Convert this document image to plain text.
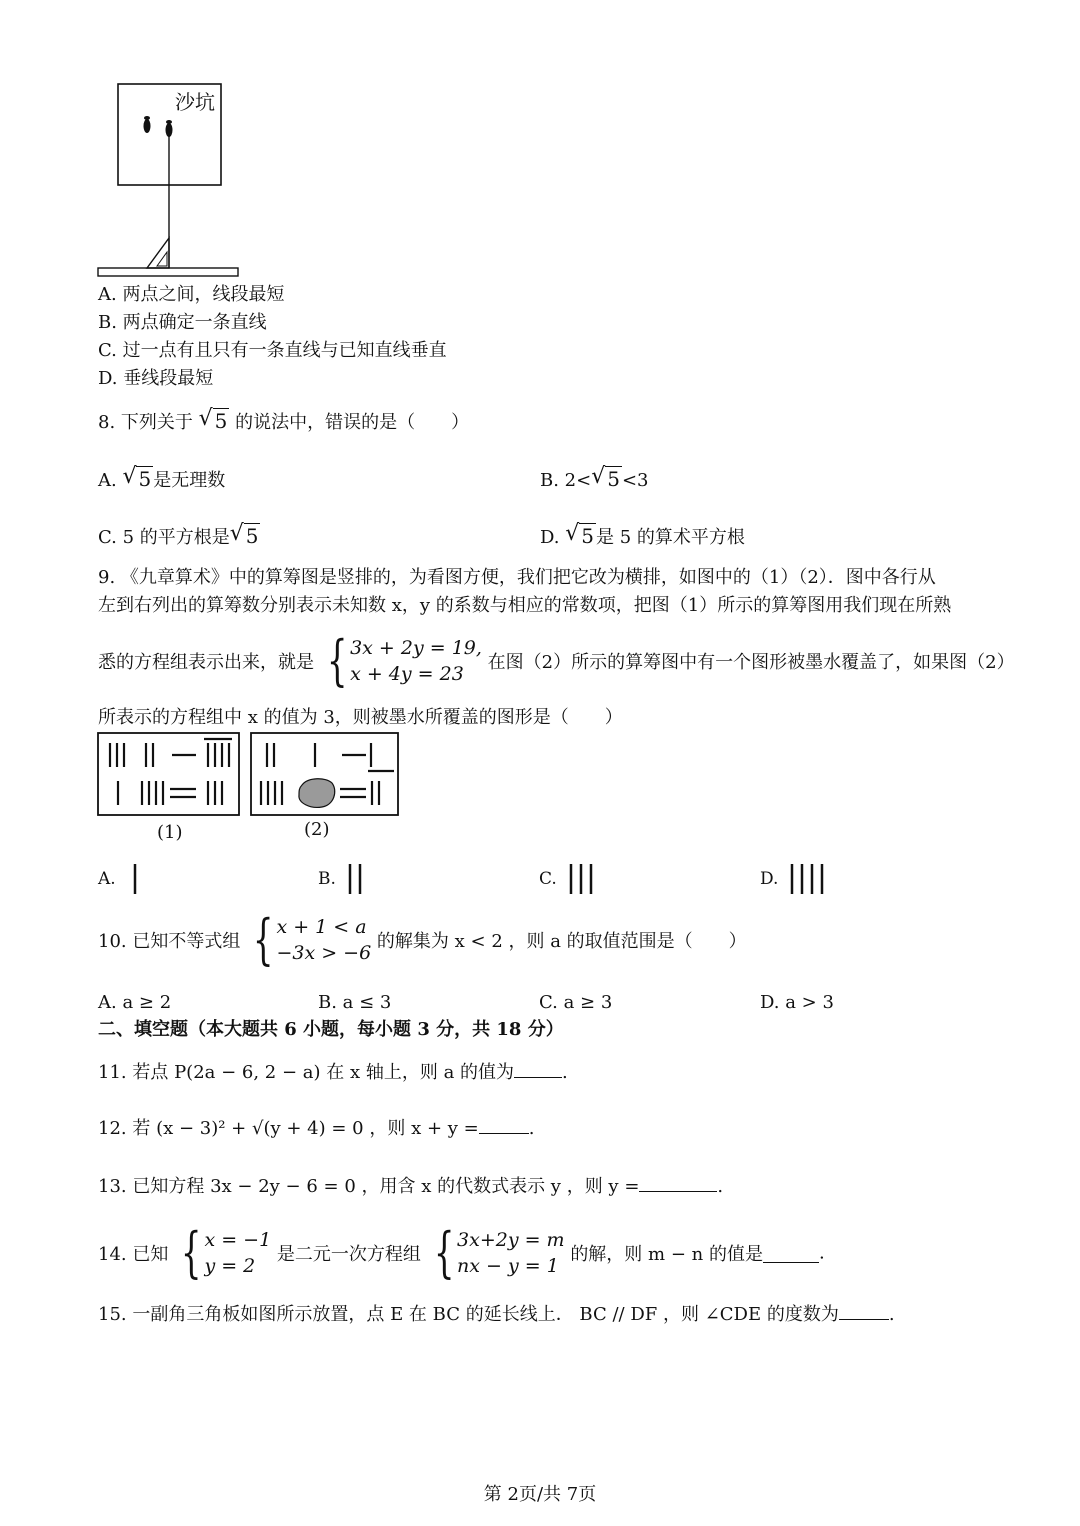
沙坑
A. 两点之间，线段最短
B. 两点确定一条直线
C. 过一点有且只有一条直线与已知直线垂直
D. 垂线段最短
8. 下列关于 √ 5 的说法中，错误的是（　　）
A. √ 5 是无理数	B. 2< √ 5 <3
C. 5 的平方根是 √ 5	D. √ 5 是 5 的算术平方根
9. 《九章算术》中的算筹图是竖排的，为看图方便，我们把它改为横排，如图中的（1）（2）．图中各行从
左到右列出的算筹数分别表示未知数 x，y 的系数与相应的常数项，把图（1）所示的算筹图用我们现在所熟
悉的方程组表示出来，就是 { 3x + 2y = 19,
x + 4y = 23
在图（2）所示的算筹图中有一个图形被墨水覆盖了，如果图（2）
所表示的方程组中 x 的值为 3，则被墨水所覆盖的图形是（　　）
(1)	(2)
A.	B.	C.	D.
10. 已知不等式组 { x + 1 < a
−3x > −6
的解集为 x < 2 ，则 a 的取值范围是（　　）
A. a ≥ 2	B. a ≤ 3	C. a ≥ 3	D. a > 3
二、填空题（本大题共 6 小题，每小题 3 分，共 18 分）
11. 若点 P(2a − 6, 2 − a) 在 x 轴上，则 a 的值为	.
12. 若 (x − 3)² + √(y + 4) = 0 ，则 x + y =	.
13. 已知方程 3x − 2y − 6 = 0 ，用含 x 的代数式表示 y ，则 y =	.
14. 已知 { x = −1
y = 2
是二元一次方程组 { 3x+2y = m
nx − y = 1
的解，则 m − n 的值是	.
15. 一副角三角板如图所示放置，点 E 在 BC 的延长线上． BC // DF ，则 ∠CDE 的度数为	.
第 2页/共 7页
